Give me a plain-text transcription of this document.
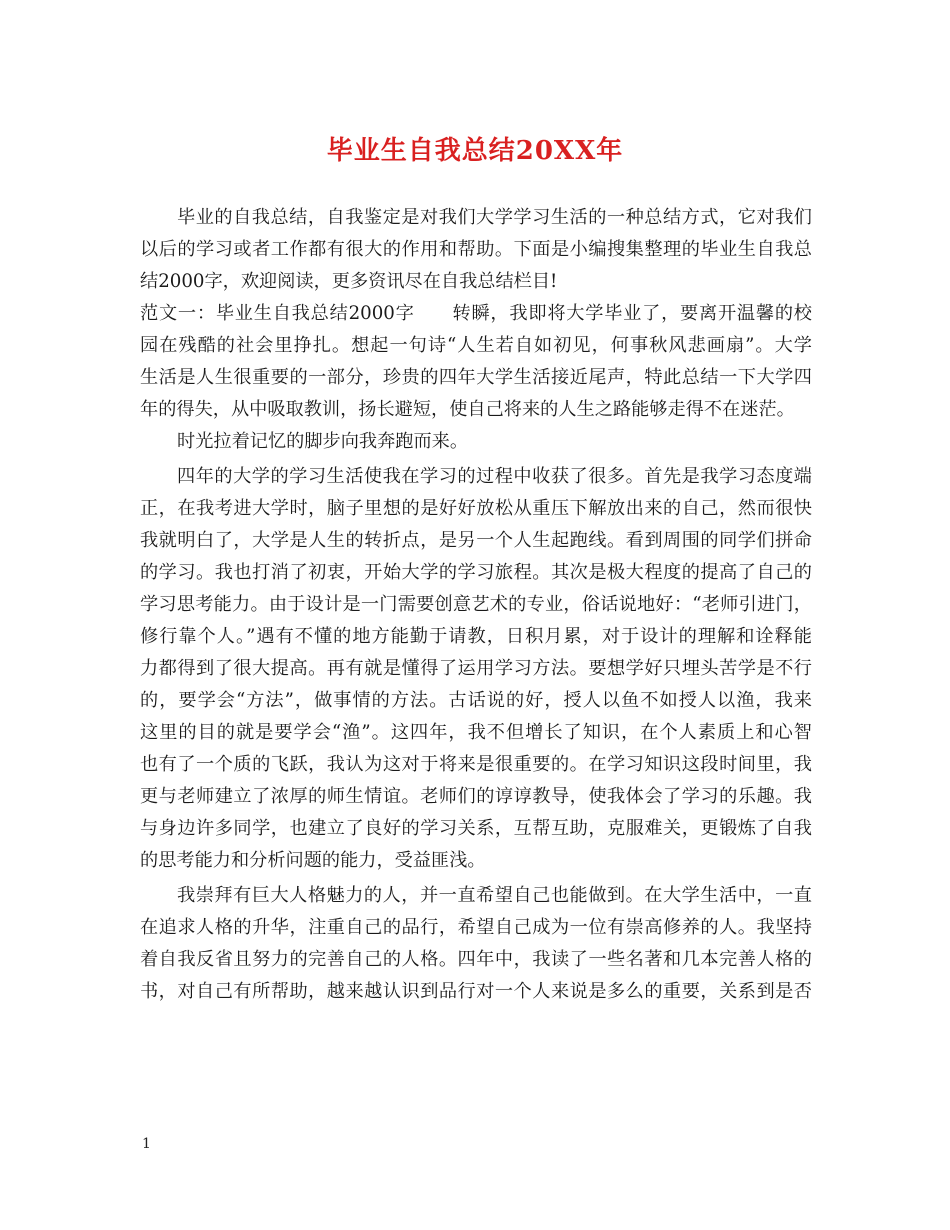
毕业生自我总结20XX年
毕业的自我总结，自我鉴定是对我们大学学习生活的一种总结方式，它对我们
以后的学习或者工作都有很大的作用和帮助。下面是小编搜集整理的毕业生自我总
结2000字，欢迎阅读，更多资讯尽在自我总结栏目!
范文一：毕业生自我总结2000字　　转瞬，我即将大学毕业了，要离开温馨的校
园在残酷的社会里挣扎。想起一句诗“人生若自如初见，何事秋风悲画扇”。大学
生活是人生很重要的一部分，珍贵的四年大学生活接近尾声，特此总结一下大学四
年的得失，从中吸取教训，扬长避短，使自己将来的人生之路能够走得不在迷茫。
时光拉着记忆的脚步向我奔跑而来。
四年的大学的学习生活使我在学习的过程中收获了很多。首先是我学习态度端
正，在我考进大学时，脑子里想的是好好放松从重压下解放出来的自己，然而很快
我就明白了，大学是人生的转折点，是另一个人生起跑线。看到周围的同学们拼命
的学习。我也打消了初衷，开始大学的学习旅程。其次是极大程度的提高了自己的
学习思考能力。由于设计是一门需要创意艺术的专业，俗话说地好：“老师引进门，
修行靠个人。”遇有不懂的地方能勤于请教，日积月累，对于设计的理解和诠释能
力都得到了很大提高。再有就是懂得了运用学习方法。要想学好只埋头苦学是不行
的，要学会“方法”，做事情的方法。古话说的好，授人以鱼不如授人以渔，我来
这里的目的就是要学会“渔”。这四年，我不但增长了知识，在个人素质上和心智
也有了一个质的飞跃，我认为这对于将来是很重要的。在学习知识这段时间里，我
更与老师建立了浓厚的师生情谊。老师们的谆谆教导，使我体会了学习的乐趣。我
与身边许多同学，也建立了良好的学习关系，互帮互助，克服难关，更锻炼了自我
的思考能力和分析问题的能力，受益匪浅。
我崇拜有巨大人格魅力的人，并一直希望自己也能做到。在大学生活中，一直
在追求人格的升华，注重自己的品行，希望自己成为一位有崇高修养的人。我坚持
着自我反省且努力的完善自己的人格。四年中，我读了一些名著和几本完善人格的
书，对自己有所帮助，越来越认识到品行对一个人来说是多么的重要，关系到是否
1
